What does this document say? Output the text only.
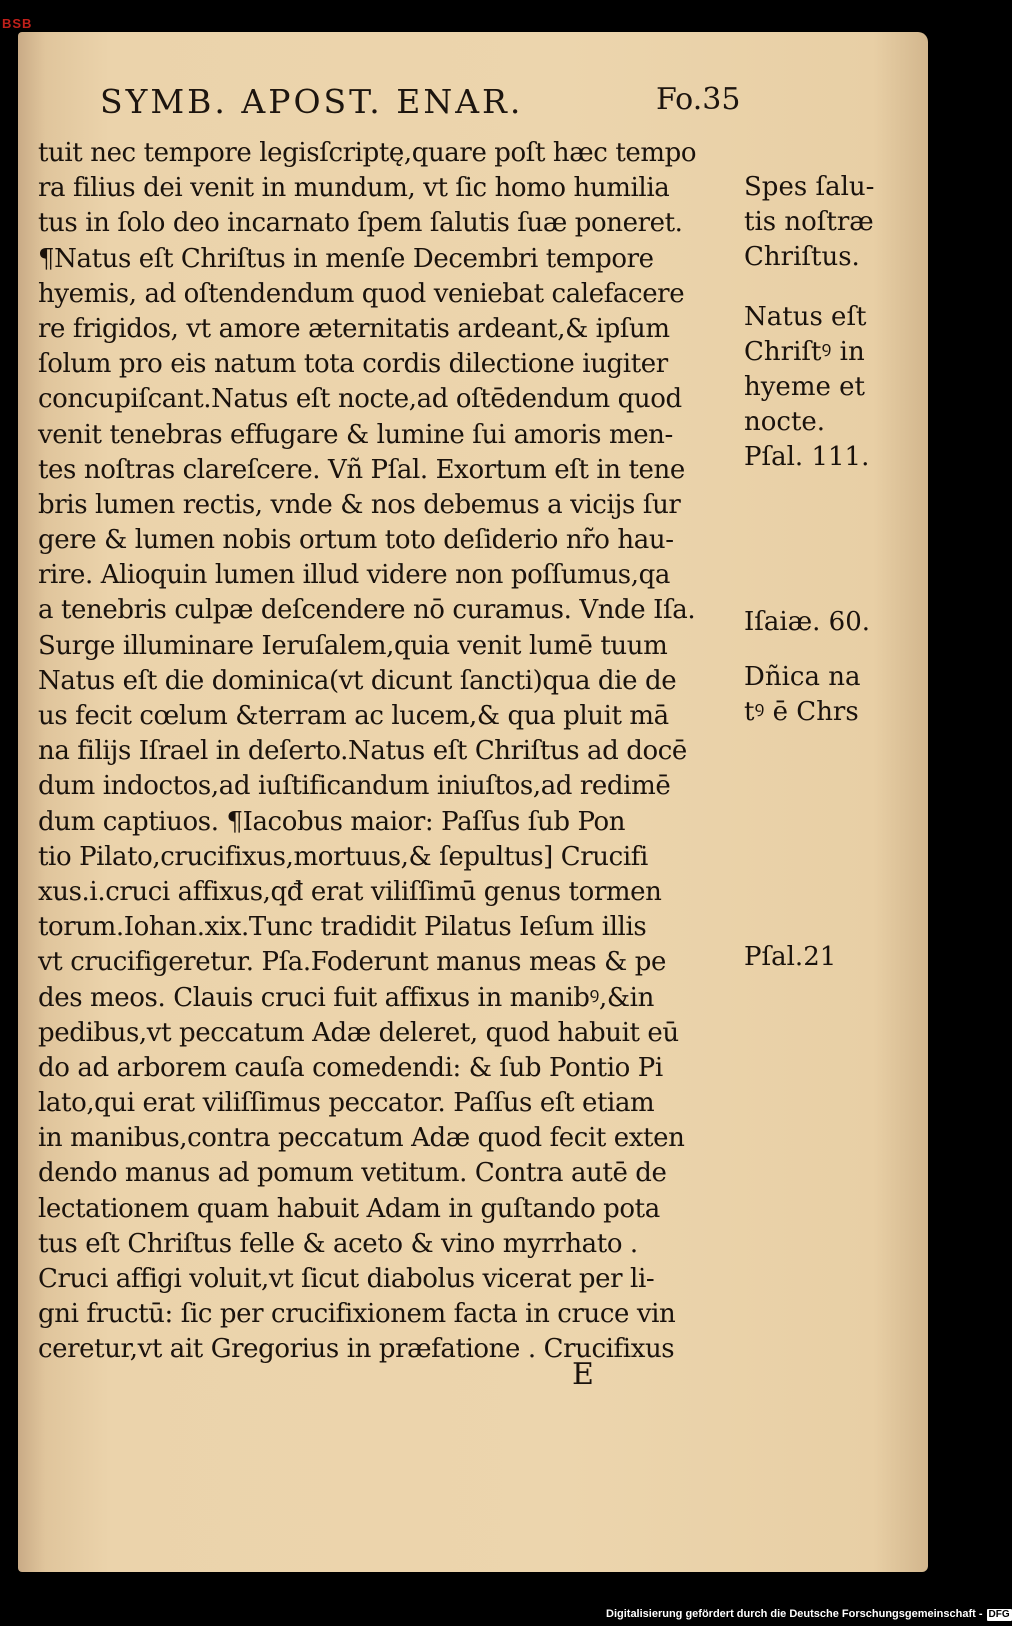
BSB
SYMB. APOST. ENAR.	Fo.35
tuit nec tempore legisſcriptę,quare poſt hæc tempo
ra filius dei venit in mundum, vt ſic homo humilia
tus in ſolo deo incarnato ſpem ſalutis ſuæ poneret.
¶Natus eſt Chriſtus in menſe Decembri tempore
hyemis, ad oſtendendum quod veniebat calefacere
re frigidos, vt amore æternitatis ardeant,& ipſum
ſolum pro eis natum tota cordis dilectione iugiter
concupiſcant.Natus eſt nocte,ad oſtēdendum quod
venit tenebras effugare & lumine ſui amoris men-
tes noſtras clareſcere. Vñ Pſal. Exortum eſt in tene
bris lumen rectis, vnde & nos debemus a vicijs ſur
gere & lumen nobis ortum toto deſiderio nr̃o hau-
rire. Alioquin lumen illud videre non poſſumus,qa
a tenebris culpæ deſcendere nō curamus. Vnde Iſa.
Surge illuminare Ieruſalem,quia venit lumē tuum
Natus eſt die dominica(vt dicunt ſancti)qua die de
us fecit cœlum &terram ac lucem,& qua pluit mā
na filijs Iſrael in deſerto.Natus eſt Chriſtus ad docē
dum indoctos,ad iuſtificandum iniuſtos,ad redimē
dum captiuos. ¶Iacobus maior: Paſſus ſub Pon
tio Pilato,crucifixus,mortuus,& ſepultus] Crucifi
xus.i.cruci affixus,qđ erat viliſſimū genus tormen
torum.Iohan.xix.Tunc tradidit Pilatus Ieſum illis
vt crucifigeretur. Pſa.Foderunt manus meas & pe
des meos. Clauis cruci fuit affixus in manibꝰ,&in
pedibus,vt peccatum Adæ deleret, quod habuit eū
do ad arborem cauſa comedendi: & ſub Pontio Pi
lato,qui erat viliſſimus peccator. Paſſus eſt etiam
in manibus,contra peccatum Adæ quod fecit exten
dendo manus ad pomum vetitum. Contra autē de
lectationem quam habuit Adam in guſtando pota
tus eſt Chriſtus felle & aceto & vino myrrhato .
Cruci affigi voluit,vt ſicut diabolus vicerat per li-
gni fructū: ſic per crucifixionem facta in cruce vin
ceretur,vt ait Gregorius in præfatione . Crucifixus
Spes ſalu-
tis noſtræ
Chriſtus.
Natus eſt
Chriſtꝰ in
hyeme et
nocte.
Pſal. 111.
Iſaiæ. 60.
Dñica na
tꝰ ē Chrs
Pſal.21
E
Digitalisierung gefördert durch die Deutsche Forschungsgemeinschaft - DFG
